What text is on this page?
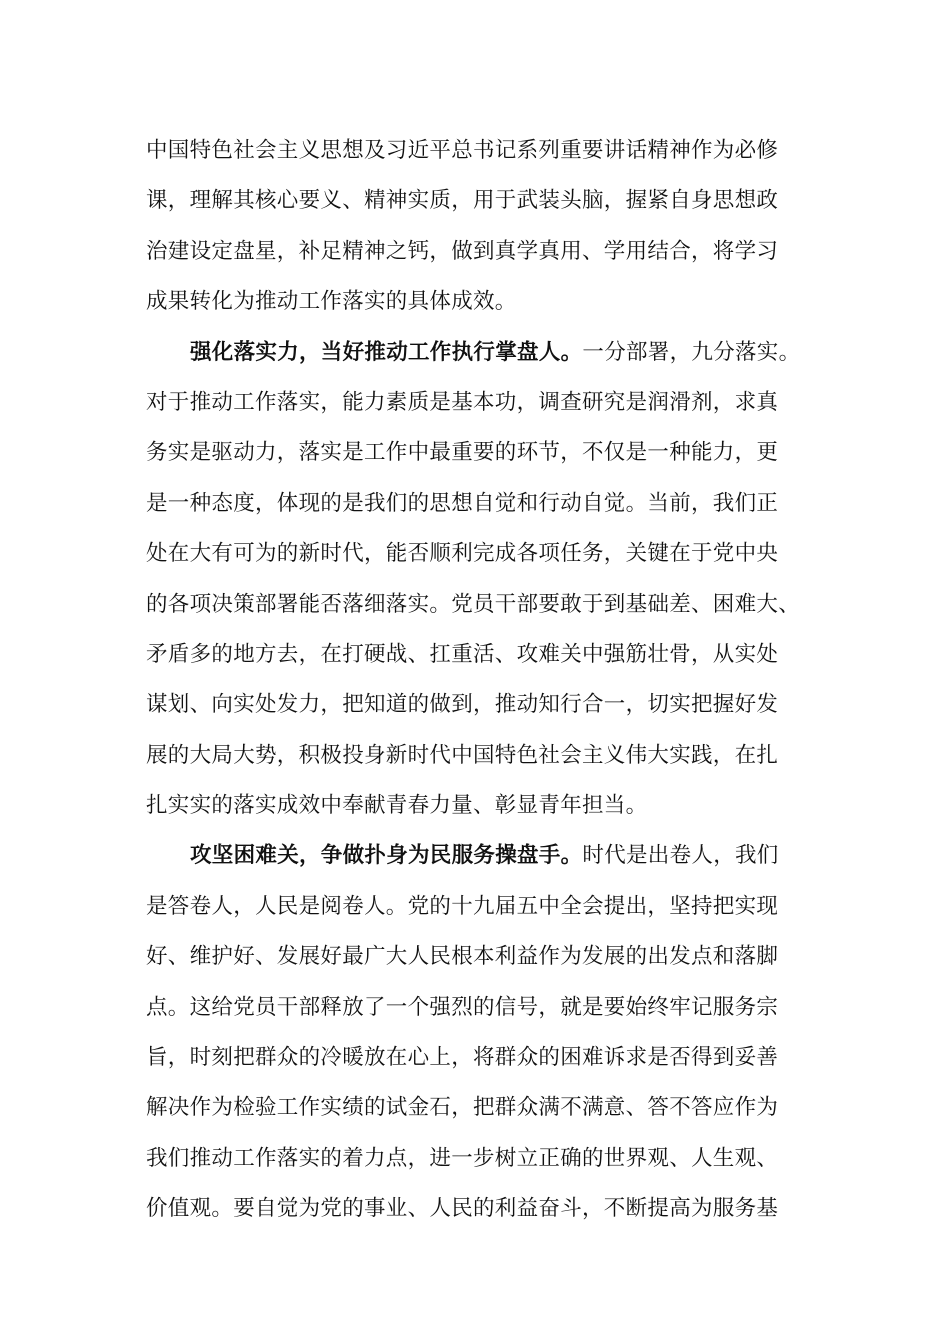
中国特色社会主义思想及习近平总书记系列重要讲话精神作为必修
课，理解其核心要义、精神实质，用于武装头脑，握紧自身思想政
治建设定盘星，补足精神之钙，做到真学真用、学用结合，将学习
成果转化为推动工作落实的具体成效。
强化落实力，当好推动工作执行掌盘人。一分部署，九分落实。
对于推动工作落实，能力素质是基本功，调查研究是润滑剂，求真
务实是驱动力，落实是工作中最重要的环节，不仅是一种能力，更
是一种态度，体现的是我们的思想自觉和行动自觉。当前，我们正
处在大有可为的新时代，能否顺利完成各项任务，关键在于党中央
的各项决策部署能否落细落实。党员干部要敢于到基础差、困难大、
矛盾多的地方去，在打硬战、扛重活、攻难关中强筋壮骨，从实处
谋划、向实处发力，把知道的做到，推动知行合一，切实把握好发
展的大局大势，积极投身新时代中国特色社会主义伟大实践，在扎
扎实实的落实成效中奉献青春力量、彰显青年担当。
攻坚困难关，争做扑身为民服务操盘手。时代是出卷人，我们
是答卷人，人民是阅卷人。党的十九届五中全会提出，坚持把实现
好、维护好、发展好最广大人民根本利益作为发展的出发点和落脚
点。这给党员干部释放了一个强烈的信号，就是要始终牢记服务宗
旨，时刻把群众的冷暖放在心上，将群众的困难诉求是否得到妥善
解决作为检验工作实绩的试金石，把群众满不满意、答不答应作为
我们推动工作落实的着力点，进一步树立正确的世界观、人生观、
价值观。要自觉为党的事业、人民的利益奋斗，不断提高为服务基
